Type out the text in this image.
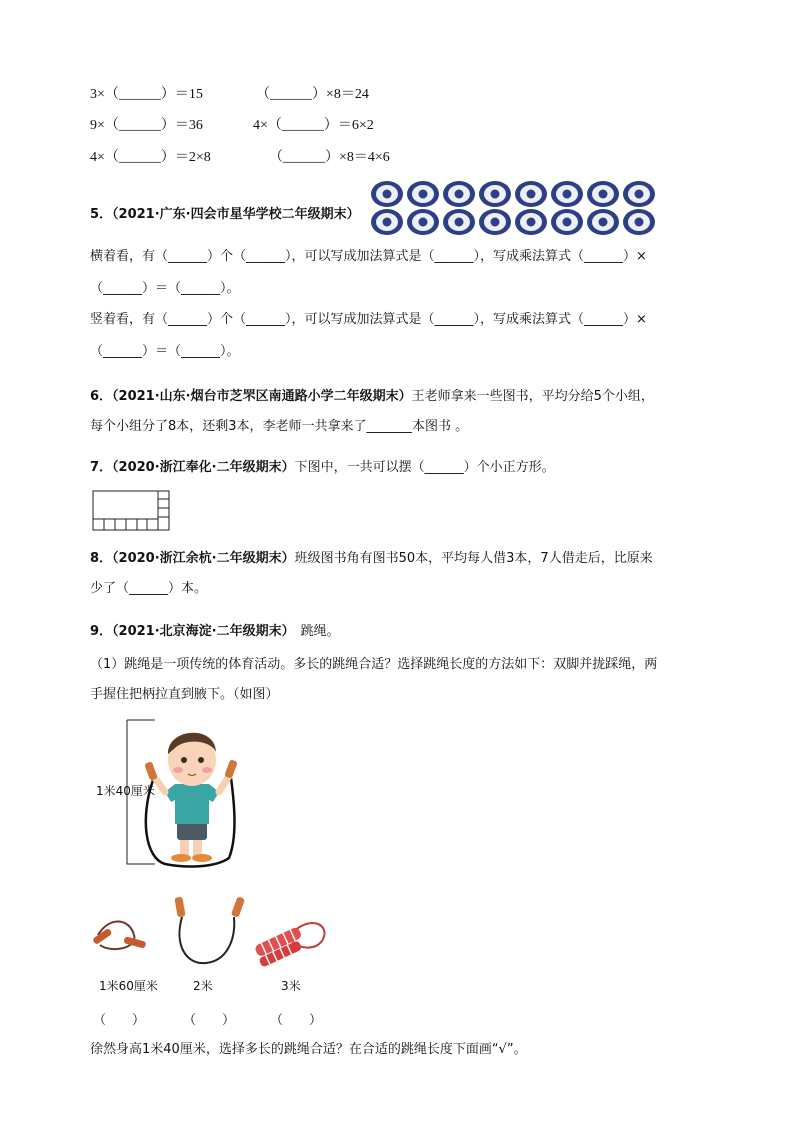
3×（______）＝15	（______）×8＝24
9×（______）＝36	4×（______）＝6×2
4×（______）＝2×8	（______）×8＝4×6
5．（2021·广东·四会市星华学校二年级期末）
横着看，有（______）个（______），可以写成加法算式是（______），写成乘法算式（______）×
（______）＝（______）。
竖着看，有（______）个（______），可以写成加法算式是（______），写成乘法算式（______）×
（______）＝（______）。
6．（2021·山东·烟台市芝罘区南通路小学二年级期末）王老师拿来一些图书，平均分给5个小组，
每个小组分了8本，还剩3本，李老师一共拿来了_______本图书 。
7．（2020·浙江奉化·二年级期末）下图中，一共可以摆（______）个小正方形。
8．（2020·浙江余杭·二年级期末）班级图书角有图书50本，平均每人借3本，7人借走后，比原来
少了（______）本。
9．（2021·北京海淀·二年级期末） 跳绳。
（1）跳绳是一项传统的体育活动。多长的跳绳合适？选择跳绳长度的方法如下：双脚并拢踩绳，两
手握住把柄拉直到腋下。（如图）
1米40厘米
1米60厘米	2米	3米
（　　）	（　　）	（　　）
徐然身高1米40厘米，选择多长的跳绳合适？在合适的跳绳长度下面画“√”。
